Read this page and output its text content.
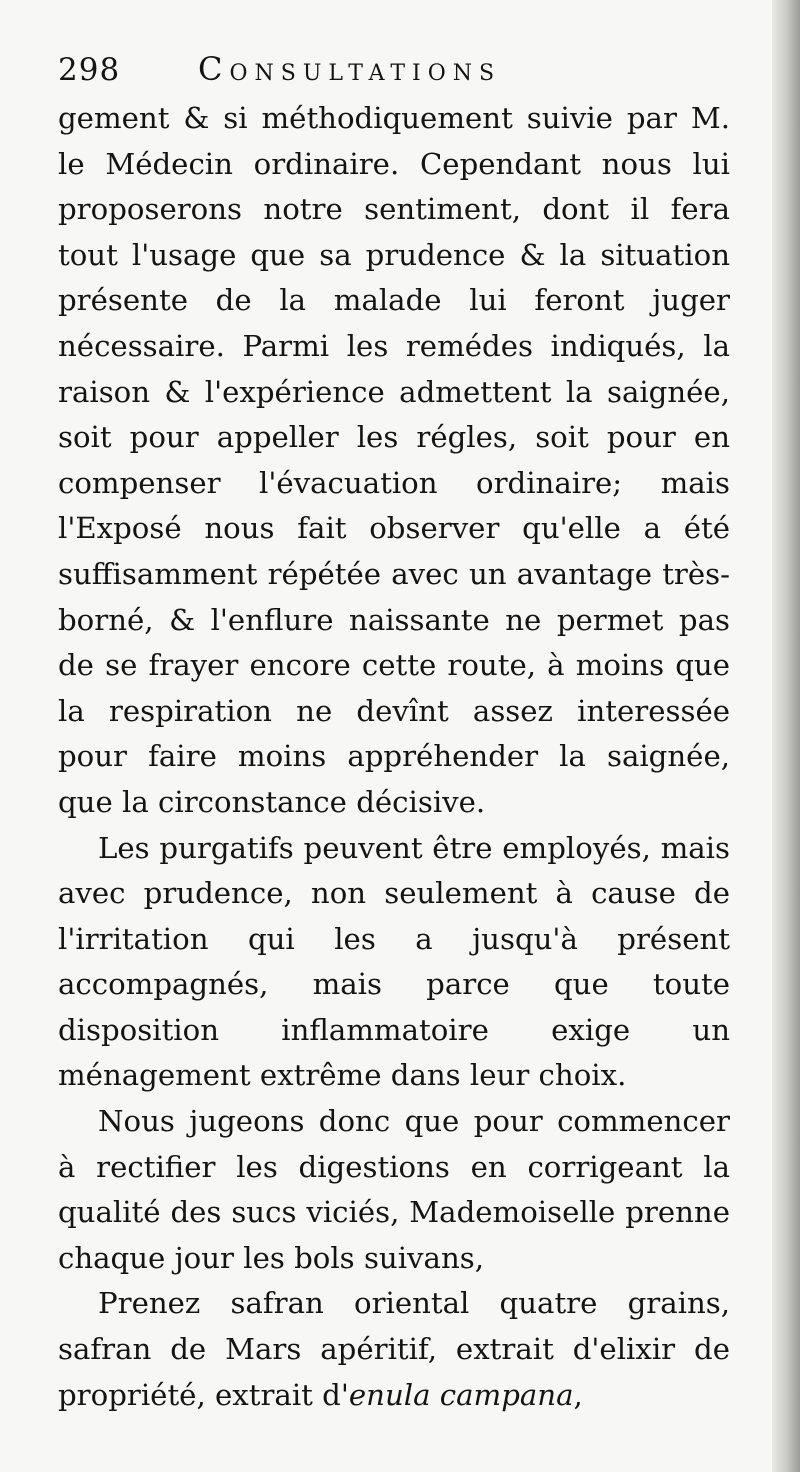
298	Consultations

gement & si méthodiquement suivie par M. le Médecin ordinaire. Cependant nous lui proposerons notre sentiment, dont il fera tout l'usage que sa prudence & la situation présente de la malade lui feront juger nécessaire. Parmi les remédes indiqués, la raison & l'expérience admettent la saignée, soit pour appeller les régles, soit pour en compenser l'évacuation ordinaire; mais l'Exposé nous fait observer qu'elle a été suffisamment répétée avec un avantage très-borné, & l'enflure naissante ne permet pas de se frayer encore cette route, à moins que la respiration ne devînt assez interessée pour faire moins appréhender la saignée, que la circonstance décisive.

Les purgatifs peuvent être employés, mais avec prudence, non seulement à cause de l'irritation qui les a jusqu'à présent accompagnés, mais parce que toute disposition inflammatoire exige un ménagement extrême dans leur choix.

Nous jugeons donc que pour commencer à rectifier les digestions en corrigeant la qualité des sucs viciés, Mademoiselle prenne chaque jour les bols suivans,

Prenez safran oriental quatre grains, safran de Mars apéritif, extrait d'elixir de propriété, extrait d'enula campana,
